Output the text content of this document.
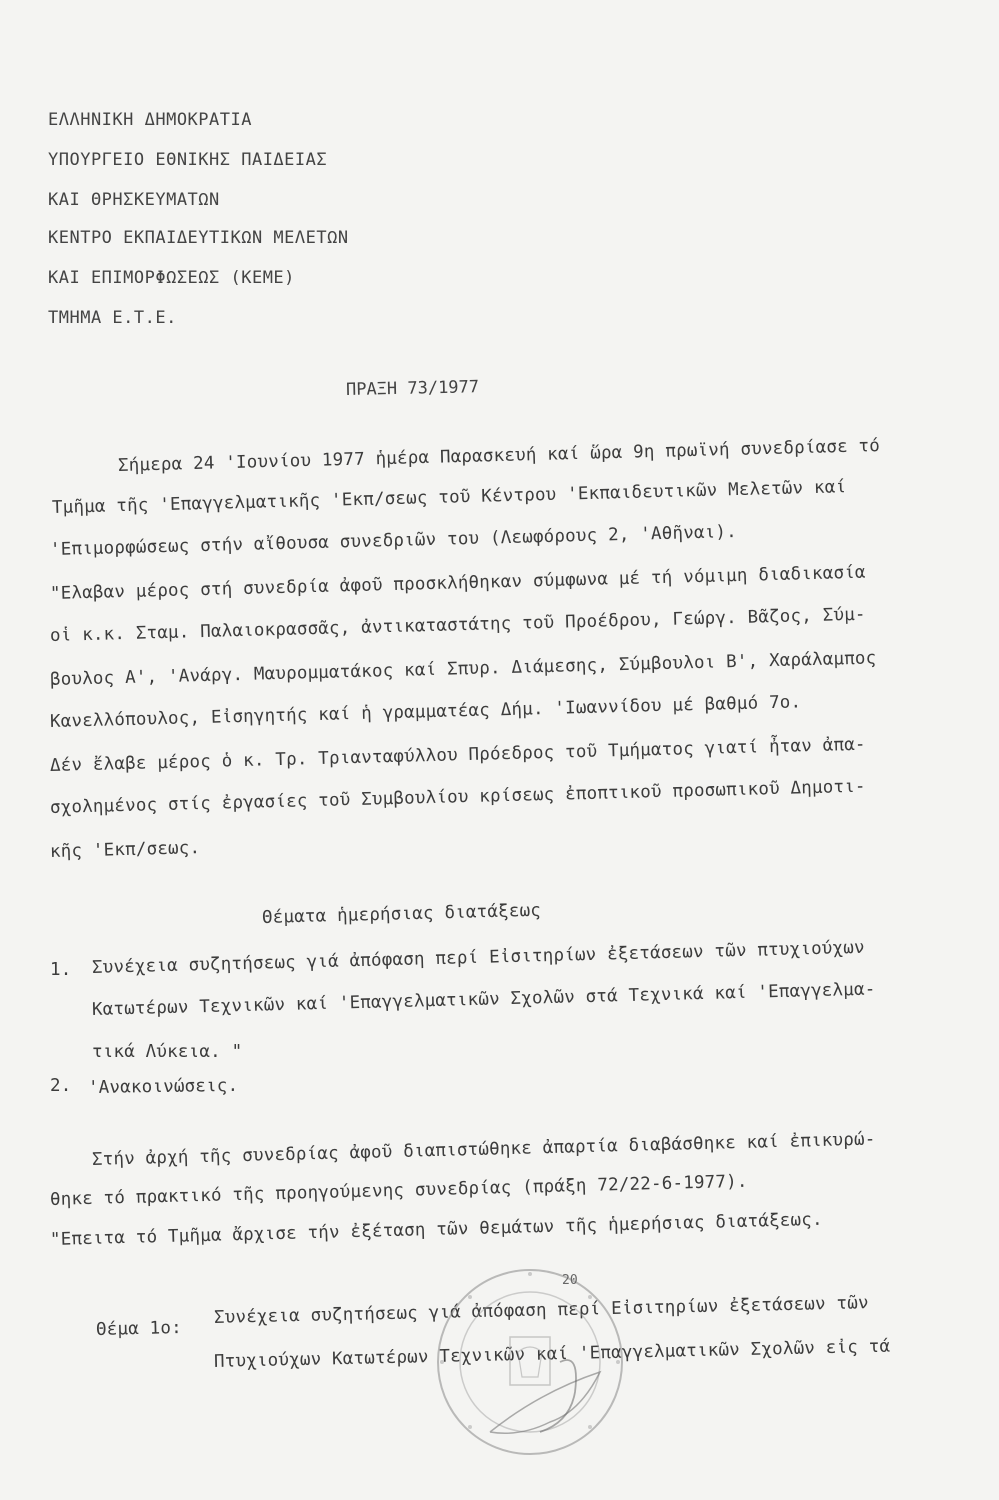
ΕΛΛΗΝΙΚΗ ΔΗΜΟΚΡΑΤΙΑ
ΥΠΟΥΡΓΕΙΟ ΕΘΝΙΚΗΣ ΠΑΙΔΕΙΑΣ
ΚΑΙ ΘΡΗΣΚΕΥΜΑΤΩΝ
ΚΕΝΤΡΟ ΕΚΠΑΙΔΕΥΤΙΚΩΝ ΜΕΛΕΤΩΝ
ΚΑΙ ΕΠΙΜΟΡΦΩΣΕΩΣ (ΚΕΜΕ)
ΤΜΗΜΑ Ε.Τ.Ε.
ΠΡΑΞΗ 73/1977
Σήμερα 24 'Ιουνίου 1977 ἡμέρα Παρασκευή καί ὥρα 9η πρωϊνή συνεδρίασε τό
Τμῆμα τῆς 'Επαγγελματικῆς 'Εκπ/σεως τοῦ Κέντρου 'Εκπαιδευτικῶν Μελετῶν καί
'Επιμορφώσεως στήν αἴθουσα συνεδριῶν του (Λεωφόρους 2, 'Αθῆναι).
"Ελαβαν μέρος στή συνεδρία ἀφοῦ προσκλήθηκαν σύμφωνα μέ τή νόμιμη διαδικασία
οἱ κ.κ. Σταμ. Παλαιοκρασσᾶς, ἀντικαταστάτης τοῦ Προέδρου, Γεώργ. Βᾶζος, Σύμ-
βουλος Α', 'Ανάργ. Μαυρομματάκος καί Σπυρ. Διάμεσης, Σύμβουλοι Β', Χαράλαμπος
Κανελλόπουλος, Εἰσηγητής καί ἡ γραμματέας Δήμ. 'Ιωαννίδου μέ βαθμό 7ο.
Δέν ἔλαβε μέρος ὁ κ. Τρ. Τριανταφύλλου Πρόεδρος τοῦ Τμήματος γιατί ἦταν ἀπα-
σχολημένος στίς ἐργασίες τοῦ Συμβουλίου κρίσεως ἐποπτικοῦ προσωπικοῦ Δημοτι-
κῆς 'Εκπ/σεως.
Θέματα ἡμερήσιας διατάξεως
1. Συνέχεια συζητήσεως γιά ἀπόφαση περί Εἰσιτηρίων ἐξετάσεων τῶν πτυχιούχων
Κατωτέρων Τεχνικῶν καί 'Επαγγελματικῶν Σχολῶν στά Τεχνικά καί 'Επαγγελμα-
τικά Λύκεια. "
2. 'Ανακοινώσεις.
Στήν ἀρχή τῆς συνεδρίας ἀφοῦ διαπιστώθηκε ἀπαρτία διαβάσθηκε καί ἐπικυρώ-
θηκε τό πρακτικό τῆς προηγούμενης συνεδρίας (πράξη 72/22-6-1977).
"Επειτα τό Τμῆμα ἄρχισε τήν ἐξέταση τῶν θεμάτων τῆς ἡμερήσιας διατάξεως.
Θέμα 1ο:
Συνέχεια συζητήσεως γιά ἀπόφαση περί Εἰσιτηρίων ἐξετάσεων τῶν
Πτυχιούχων Κατωτέρων Τεχνικῶν καί 'Επαγγελματικῶν Σχολῶν εἰς τά
20
